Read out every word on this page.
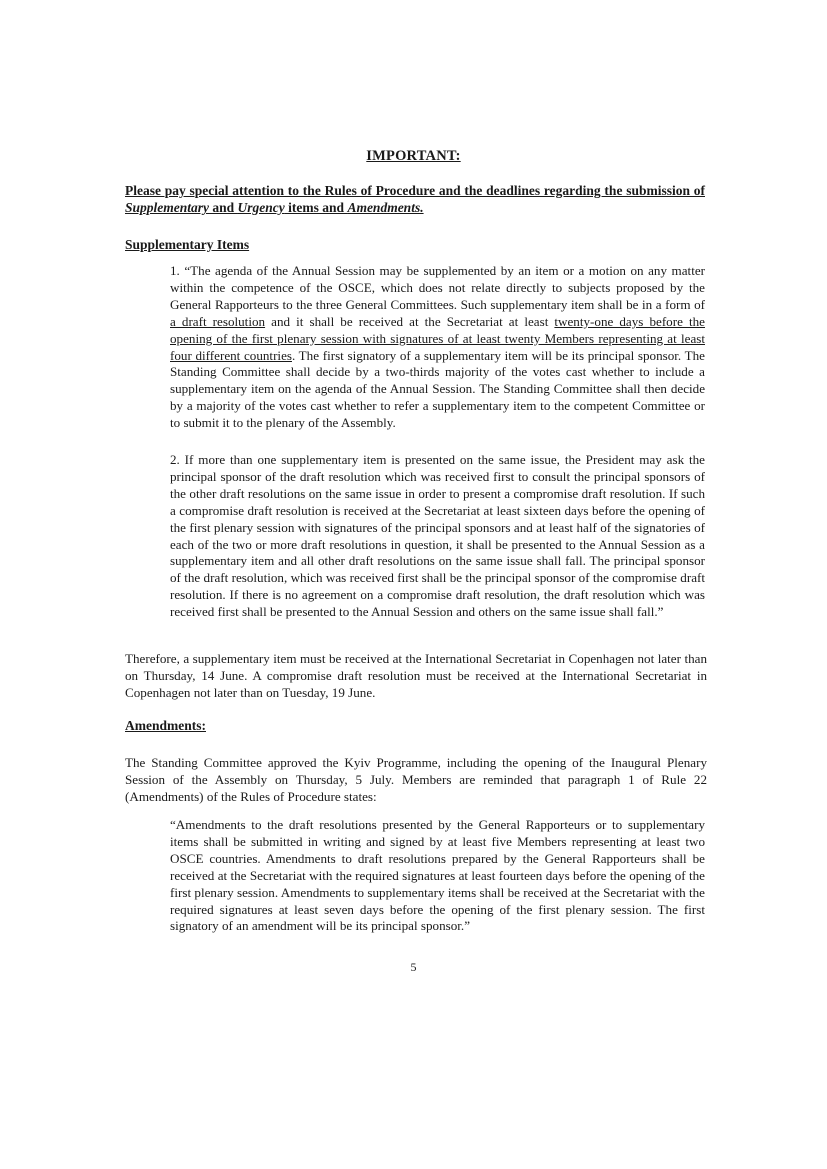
IMPORTANT:
Please pay special attention to the Rules of Procedure and the deadlines regarding the submission of Supplementary and Urgency items and Amendments.
Supplementary Items
1. “The agenda of the Annual Session may be supplemented by an item or a motion on any matter within the competence of the OSCE, which does not relate directly to subjects proposed by the General Rapporteurs to the three General Committees. Such supplementary item shall be in a form of a draft resolution and it shall be received at the Secretariat at least twenty-one days before the opening of the first plenary session with signatures of at least twenty Members representing at least four different countries. The first signatory of a supplementary item will be its principal sponsor. The Standing Committee shall decide by a two-thirds majority of the votes cast whether to include a supplementary item on the agenda of the Annual Session. The Standing Committee shall then decide by a majority of the votes cast whether to refer a supplementary item to the competent Committee or to submit it to the plenary of the Assembly.
2. If more than one supplementary item is presented on the same issue, the President may ask the principal sponsor of the draft resolution which was received first to consult the principal sponsors of the other draft resolutions on the same issue in order to present a compromise draft resolution. If such a compromise draft resolution is received at the Secretariat at least sixteen days before the opening of the first plenary session with signatures of the principal sponsors and at least half of the signatories of each of the two or more draft resolutions in question, it shall be presented to the Annual Session as a supplementary item and all other draft resolutions on the same issue shall fall. The principal sponsor of the draft resolution, which was received first shall be the principal sponsor of the compromise draft resolution. If there is no agreement on a compromise draft resolution, the draft resolution which was received first shall be presented to the Annual Session and others on the same issue shall fall.”
Therefore, a supplementary item must be received at the International Secretariat in Copenhagen not later than on Thursday, 14 June. A compromise draft resolution must be received at the International Secretariat in Copenhagen not later than on Tuesday, 19 June.
Amendments:
The Standing Committee approved the Kyiv Programme, including the opening of the Inaugural Plenary Session of the Assembly on Thursday, 5 July. Members are reminded that paragraph 1 of Rule 22 (Amendments) of the Rules of Procedure states:
“Amendments to the draft resolutions presented by the General Rapporteurs or to supplementary items shall be submitted in writing and signed by at least five Members representing at least two OSCE countries. Amendments to draft resolutions prepared by the General Rapporteurs shall be received at the Secretariat with the required signatures at least fourteen days before the opening of the first plenary session. Amendments to supplementary items shall be received at the Secretariat with the required signatures at least seven days before the opening of the first plenary session. The first signatory of an amendment will be its principal sponsor.”
5
